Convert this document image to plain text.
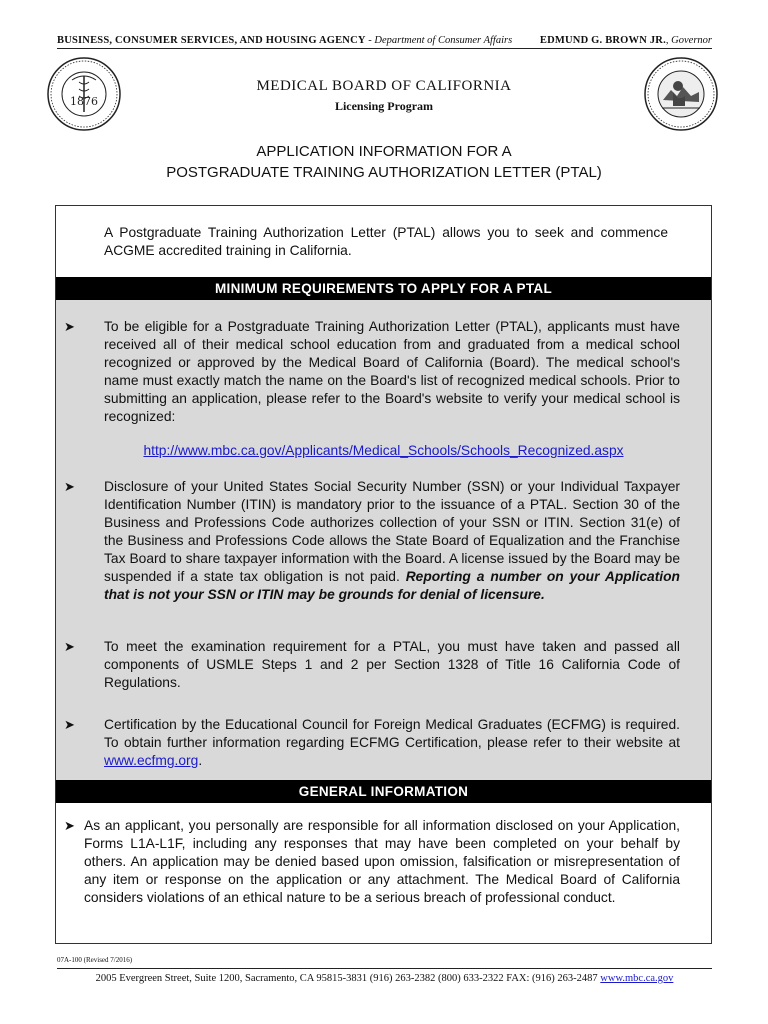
BUSINESS, CONSUMER SERVICES, AND HOUSING AGENCY - Department of Consumer Affairs	EDMUND G. BROWN JR., Governor

1876
MEDICAL BOARD OF CALIFORNIA
Licensing Program
APPLICATION INFORMATION FOR A
POSTGRADUATE TRAINING AUTHORIZATION LETTER (PTAL)
A Postgraduate Training Authorization Letter (PTAL) allows you to seek and commence ACGME accredited training in California.
MINIMUM REQUIREMENTS TO APPLY FOR A PTAL
➤ To be eligible for a Postgraduate Training Authorization Letter (PTAL), applicants must have received all of their medical school education from and graduated from a medical school recognized or approved by the Medical Board of California (Board). The medical school's name must exactly match the name on the Board's list of recognized medical schools. Prior to submitting an application, please refer to the Board's website to verify your medical school is recognized:
http://www.mbc.ca.gov/Applicants/Medical_Schools/Schools_Recognized.aspx
➤ Disclosure of your United States Social Security Number (SSN) or your Individual Taxpayer Identification Number (ITIN) is mandatory prior to the issuance of a PTAL. Section 30 of the Business and Professions Code authorizes collection of your SSN or ITIN. Section 31(e) of the Business and Professions Code allows the State Board of Equalization and the Franchise Tax Board to share taxpayer information with the Board. A license issued by the Board may be suspended if a state tax obligation is not paid. Reporting a number on your Application that is not your SSN or ITIN may be grounds for denial of licensure.
➤ To meet the examination requirement for a PTAL, you must have taken and passed all components of USMLE Steps 1 and 2 per Section 1328 of Title 16 California Code of Regulations.
➤ Certification by the Educational Council for Foreign Medical Graduates (ECFMG) is required. To obtain further information regarding ECFMG Certification, please refer to their website at www.ecfmg.org.
GENERAL INFORMATION
➤ As an applicant, you personally are responsible for all information disclosed on your Application, Forms L1A-L1F, including any responses that may have been completed on your behalf by others. An application may be denied based upon omission, falsification or misrepresentation of any item or response on the application or any attachment. The Medical Board of California considers violations of an ethical nature to be a serious breach of professional conduct.
07A-100 (Revised 7/2016)
2005 Evergreen Street, Suite 1200, Sacramento, CA 95815-3831 (916) 263-2382 (800) 633-2322 FAX: (916) 263-2487 www.mbc.ca.gov
